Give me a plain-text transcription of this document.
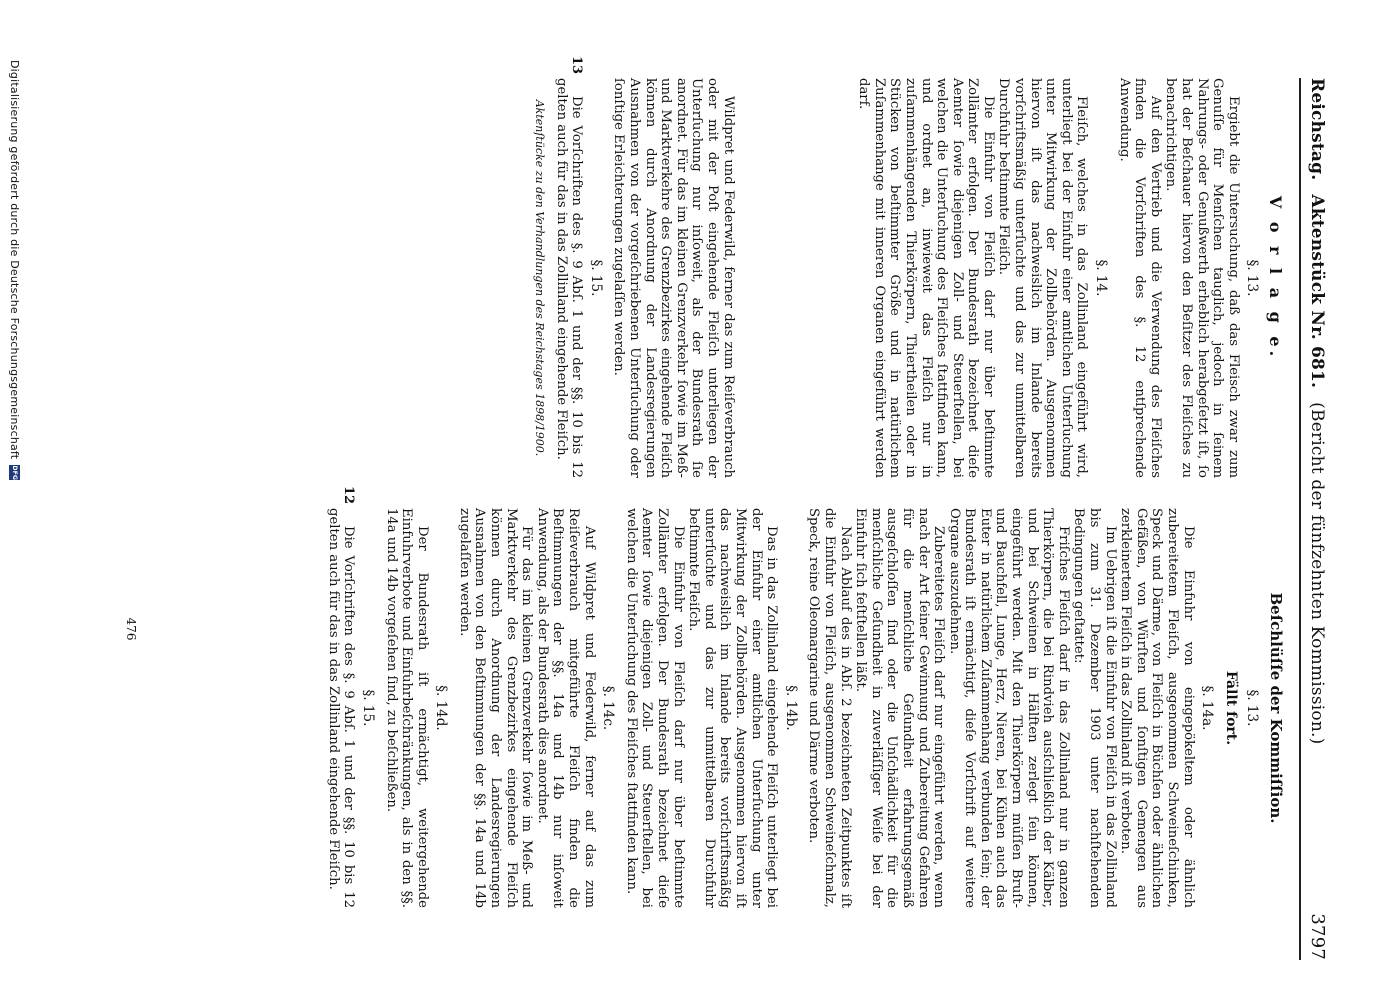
Reichstag.
Aktenstück Nr. 681.
(Bericht der fünfzehnten Kommission.)
3797
V o r l a g e.
§. 13.

Ergiebt die Untersuchung, daß das Fleisch zwar zum Genuſſe für Menſchen tauglich, jedoch in ſeinem Nahrungs- oder Genußwerth erheblich herabgeſetzt iſt, ſo hat der Beſchauer hiervon den Beſitzer des Fleiſches zu benachrichtigen.

Auf den Vertrieb und die Verwendung des Fleiſches finden die Vorſchriften des §. 12 entſprechende Anwendung.

§. 14.

Fleiſch, welches in das Zollinland eingeführt wird, unterliegt bei der Einfuhr einer amtlichen Unterſuchung unter Mitwirkung der Zollbehörden. Ausgenommen hiervon iſt das nachweislich im Inlande bereits vorſchriftsmäßig unterſuchte und das zur unmittelbaren Durchfuhr beſtimmte Fleiſch.

Die Einfuhr von Fleiſch darf nur über beſtimmte Zollämter erfolgen. Der Bundesrath bezeichnet dieſe Aemter ſowie diejenigen Zoll- und Steuerſtellen, bei welchen die Unterſuchung des Fleiſches ſtattfinden kann, und ordnet an, inwieweit das Fleiſch nur in zuſammenhängenden Thierkörpern, Thiertheilen oder in Stücken von beſtimmter Größe und in natürlichem Zuſammenhange mit inneren Organen eingeführt werden darf.

Wildpret und Federwild, ferner das zum Reiſeverbrauch oder mit der Poſt eingehende Fleiſch unterliegen der Unterſuchung nur inſoweit, als der Bundesrath ſie anordnet. Für das im kleinen Grenzverkehr ſowie im Meß- und Marktverkehre des Grenzbezirkes eingehende Fleiſch können durch Anordnung der Landesregierungen Ausnahmen von der vorgeſchriebenen Unterſuchung oder ſonſtige Erleichterungen zugelaſſen werden.

§. 15.
13

Die Vorſchriften des §. 9 Abſ. 1 und der §§. 10 bis 12 gelten auch für das in das Zollinland eingehende Fleiſch.

Aktenſtücke zu den Verhandlungen des Reichstages 1898/1900.
Beſchlüſſe der Kommiſſion.
§. 13.
Fällt fort.
§. 14a.

Die Einfuhr von eingepökeltem oder ähnlich zubereitetem Fleiſch, ausgenommen Schweineſchinken, Speck und Därme, von Fleiſch in Büchſen oder ähnlichen Gefäßen, von Würſten und ſonſtigen Gemengen aus zerkleinertem Fleiſch in das Zollinland iſt verboten.

Im Uebrigen iſt die Einfuhr von Fleiſch in das Zollinland bis zum 31. Dezember 1903 unter nachſtehenden Bedingungen geſtattet:

Friſches Fleiſch darf in das Zollinland nur in ganzen Thierkörpern, die bei Rindvieh ausſchließlich der Kälber, und bei Schweinen in Hälften zerlegt ſein können, eingeführt werden. Mit den Thierkörpern müſſen Bruſt- und Bauchfell, Lunge, Herz, Nieren, bei Kühen auch das Euter in natürlichem Zuſammenhang verbunden ſein; der Bundesrath iſt ermächtigt, dieſe Vorſchrift auf weitere Organe auszudehnen.

Zubereitetes Fleiſch darf nur eingeführt werden, wenn nach der Art ſeiner Gewinnung und Zubereitung Gefahren für die menſchliche Geſundheit erfahrungsgemäß ausgeſchloſſen ſind oder die Unſchädlichkeit für die menſchliche Geſundheit in zuverläſſiger Weiſe bei der Einfuhr ſich feſtſtellen läßt.

Nach Ablauf des in Abſ. 2 bezeichneten Zeitpunktes iſt die Einfuhr von Fleiſch, ausgenommen Schweineſchmalz, Speck, reine Oleomargarine und Därme verboten.

§. 14b.

Das in das Zollinland eingehende Fleiſch unterliegt bei der Einfuhr einer amtlichen Unterſuchung unter Mitwirkung der Zollbehörden. Ausgenommen hiervon iſt das nachweislich im Inlande bereits vorſchriftsmäßig unterſuchte und das zur unmittelbaren Durchfuhr beſtimmte Fleiſch.

Die Einfuhr von Fleiſch darf nur über beſtimmte Zollämter erfolgen. Der Bundesrath bezeichnet dieſe Aemter ſowie diejenigen Zoll- und Steuerſtellen, bei welchen die Unterſuchung des Fleiſches ſtattfinden kann.

§. 14c.

Auf Wildpret und Federwild, ferner auf das zum Reiſeverbrauch mitgeführte Fleiſch finden die Beſtimmungen der §§. 14a und 14b nur inſoweit Anwendung, als der Bundesrath dies anordnet.

Für das im kleinen Grenzverkehr ſowie im Meß- und Marktverkehr des Grenzbezirkes eingehende Fleiſch können durch Anordnung der Landesregierungen Ausnahmen von den Beſtimmungen der §§. 14a und 14b zugelaſſen werden.

§. 14d.

Der Bundesrath iſt ermächtigt, weitergehende Einfuhrverbote und Einfuhrbeſchränkungen, als in den §§. 14a und 14b vorgeſehen ſind, zu beſchließen.

§. 15.
12

Die Vorſchriften des §. 9 Abſ. 1 und der §§. 10 bis 12 gelten auch für das in das Zollinland eingehende Fleiſch.

476
Digitalisierung gefördert durch die Deutsche Forschungsgemeinschaft
DFG
